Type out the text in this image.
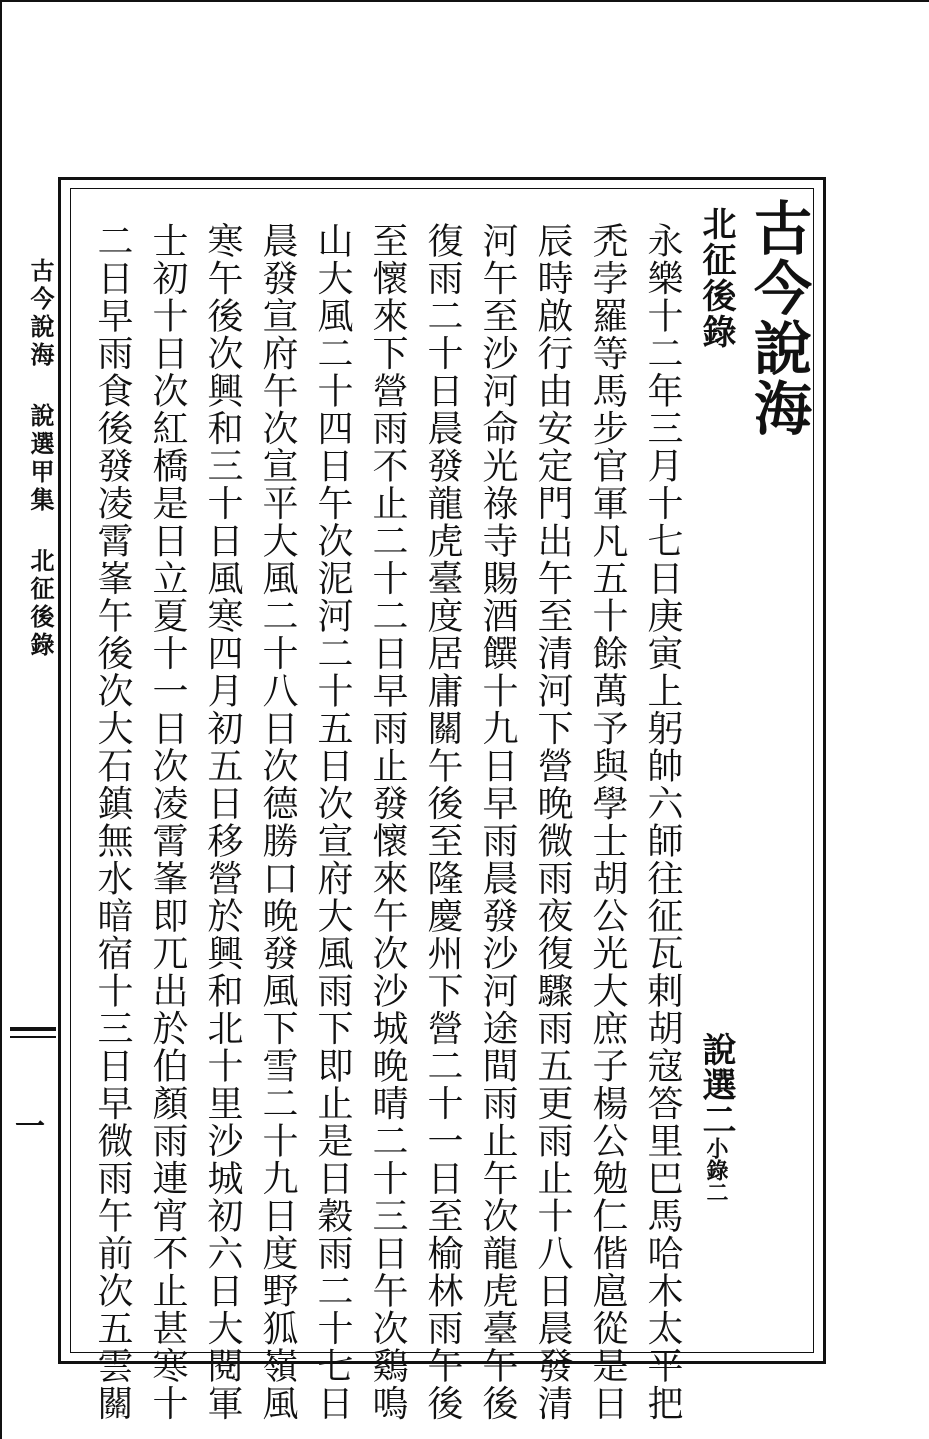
古今說海 說選甲集 北征後錄
一
古今說海
北征後錄
說選二小錄二
永樂十二年三月十七日庚寅上躬帥六師往征瓦剌胡寇答里巴馬哈木太平把
禿孛羅等馬步官軍凡五十餘萬予與學士胡公光大庶子楊公勉仁偕扈從是日
辰時啟行由安定門出午至清河下營晚微雨夜復驟雨五更雨止十八日晨發清
河午至沙河命光祿寺賜酒饌十九日早雨晨發沙河途間雨止午次龍虎臺午後
復雨二十日晨發龍虎臺度居庸關午後至隆慶州下營二十一日至榆林雨午後
至懷來下營雨不止二十二日早雨止發懷來午次沙城晚晴二十三日午次鷄鳴
山大風二十四日午次泥河二十五日次宣府大風雨下即止是日穀雨二十七日
晨發宣府午次宣平大風二十八日次德勝口晚發風下雪二十九日度野狐嶺風
寒午後次興和三十日風寒四月初五日移營於興和北十里沙城初六日大閱軍
士初十日次紅橋是日立夏十一日次凌霄峯即兀出於伯顏雨連宵不止甚寒十
二日早雨食後發凌霄峯午後次大石鎮無水暗宿十三日早微雨午前次五雲關
